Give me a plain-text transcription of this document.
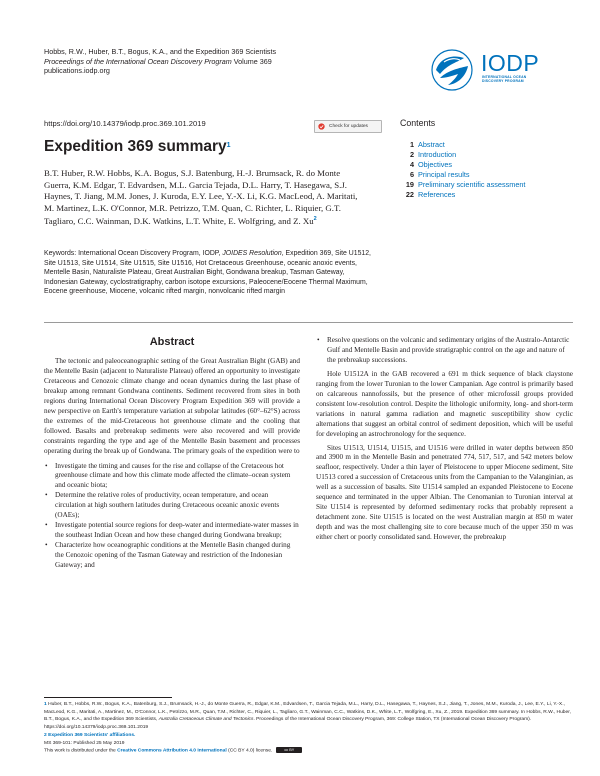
Hobbs, R.W., Huber, B.T., Bogus, K.A., and the Expedition 369 Scientists
Proceedings of the International Ocean Discovery Program Volume 369
publications.iodp.org	IODP
INTERNATIONAL OCEAN
DISCOVERY PROGRAM
https://doi.org/10.14379/iodp.proc.369.101.2019	Check for updates
Expedition 369 summary$^1$
B.T. Huber, R.W. Hobbs, K.A. Bogus, S.J. Batenburg, H.-J. Brumsack, R. do Monte Guerra, K.M. Edgar, T. Edvardsen, M.L. Garcia Tejada, D.L. Harry, T. Hasegawa, S.J. Haynes, T. Jiang, M.M. Jones, J. Kuroda, E.Y. Lee, Y.-X. Li, K.G. MacLeod, A. Maritati, M. Martinez, L.K. O'Connor, M.R. Petrizzo, T.M. Quan, C. Richter, L. Riquier, G.T. Tagliaro, C.C. Wainman, D.K. Watkins, L.T. White, E. Wolfgring, and Z. Xu$^2$
Keywords: International Ocean Discovery Program, IODP, JOIDES Resolution, Expedition 369, Site U1512, Site U1513, Site U1514, Site U1515, Site U1516, Hot Cretaceous Greenhouse, oceanic anoxic events, Mentelle Basin, Naturaliste Plateau, Great Australian Bight, Gondwana breakup, Tasman Gateway, Indonesian Gateway, cyclostratigraphy, carbon isotope excursions, Paleocene/Eocene Thermal Maximum, Eocene greenhouse, Miocene, volcanic rifted margin, nonvolcanic rifted margin
Contents
1 Abstract
2 Introduction
4 Objectives
6 Principal results
19 Preliminary scientific assessment
22 References
Abstract

The tectonic and paleoceanographic setting of the Great Australian Bight (GAB) and the Mentelle Basin (adjacent to Naturaliste Plateau) offered an opportunity to investigate Cretaceous and Cenozoic climate change and ocean dynamics during the last phase of breakup among remnant Gondwana continents. Sediment recovered from sites in both regions during International Ocean Discovery Program Expedition 369 will provide a new perspective on Earth's temperature variation at subpolar latitudes (60°–62°S) across the extremes of the mid-Cretaceous hot greenhouse climate and the cooling that followed. Basalts and prebreakup sediments were also recovered and will provide constraints regarding the type and age of the Mentelle Basin basement and processes operating during the break up of Gondwana. The primary goals of the expedition were to

• Investigate the timing and causes for the rise and collapse of the Cretaceous hot greenhouse climate and how this climate mode affected the climate–ocean system and oceanic biota;
• Determine the relative roles of productivity, ocean temperature, and ocean circulation at high southern latitudes during Cretaceous oceanic anoxic events (OAEs);
• Investigate potential source regions for deep-water and intermediate-water masses in the southeast Indian Ocean and how these changed during Gondwana breakup;
• Characterize how oceanographic conditions at the Mentelle Basin changed during the Cenozoic opening of the Tasman Gateway and restriction of the Indonesian Gateway; and
• Resolve questions on the volcanic and sedimentary origins of the Australo-Antarctic Gulf and Mentelle Basin and provide stratigraphic control on the age and nature of the prebreakup successions.

Hole U1512A in the GAB recovered a 691 m thick sequence of black claystone ranging from the lower Turonian to the lower Campanian. Age control is primarily based on calcareous nannofossils, but the presence of other microfossil groups provided consistent low-resolution control. Despite the lithologic uniformity, long- and short-term variations in natural gamma radiation and magnetic susceptibility show cyclic alternations that suggest an orbital control of sediment deposition, which will be useful for developing an astrochronology for the sequence.

Sites U1513, U1514, U1515, and U1516 were drilled in water depths between 850 and 3900 m in the Mentelle Basin and penetrated 774, 517, 517, and 542 meters below seafloor, respectively. Under a thin layer of Pleistocene to upper Miocene sediment, Site U1513 cored a succession of Cretaceous units from the Campanian to the Valanginian, as well as a succession of basalts. Site U1514 sampled an expanded Pleistocene to Eocene sequence and terminated in the upper Albian. The Cenomanian to Turonian interval at Site U1514 is represented by deformed sedimentary rocks that probably represent a detachment zone. Site U1515 is located on the west Australian margin at 850 m water depth and was the most challenging site to core because much of the upper 350 m was either chert or poorly consolidated sand. However, the prebreakup

1 Huber, B.T., Hobbs, R.W., Bogus, K.A., Batenburg, S.J., Brumsack, H.-J., do Monte Guerra, R., Edgar, K.M., Edvardsen, T., Garcia Tejada, M.L., Harry, D.L., Hasegawa, T., Haynes, S.J., Jiang, T., Jones, M.M., Kuroda, J., Lee, E.Y., Li, Y.-X., MacLeod, K.G., Maritati, A., Martinez, M., O'Connor, L.K., Petrizzo, M.R., Quan, T.M., Richter, C., Riquier, L., Tagliaro, G.T., Wainman, C.C., Watkins, D.K., White, L.T., Wolfgring, E., Xu, Z., 2019. Expedition 369 summary. In Hobbs, R.W., Huber, B.T., Bogus, K.A., and the Expedition 369 Scientists, Australia Cretaceous Climate and Tectonics. Proceedings of the International Ocean Discovery Program, 369: College Station, TX (International Ocean Discovery Program). https://doi.org/10.14379/iodp.proc.369.101.2019
2 Expedition 369 Scientists' affiliations.
MS 369-101: Published 25 May 2019
This work is distributed under the Creative Commons Attribution 4.0 International (CC BY 4.0) license.	cc BY
